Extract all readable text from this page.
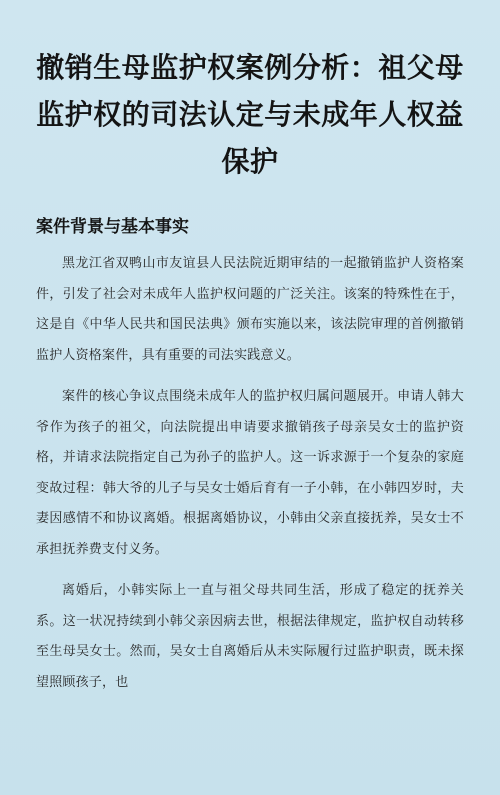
撤销生母监护权案例分析：祖父母监护权的司法认定与未成年人权益保护
案件背景与基本事实

黑龙江省双鸭山市友谊县人民法院近期审结的一起撤销监护人资格案件，引发了社会对未成年人监护权问题的广泛关注。该案的特殊性在于，这是自《中华人民共和国民法典》颁布实施以来，该法院审理的首例撤销监护人资格案件，具有重要的司法实践意义。

案件的核心争议点围绕未成年人的监护权归属问题展开。申请人韩大爷作为孩子的祖父，向法院提出申请要求撤销孩子母亲吴女士的监护资格，并请求法院指定自己为孙子的监护人。这一诉求源于一个复杂的家庭变故过程：韩大爷的儿子与吴女士婚后育有一子小韩，在小韩四岁时，夫妻因感情不和协议离婚。根据离婚协议，小韩由父亲直接抚养，吴女士不承担抚养费支付义务。

离婚后，小韩实际上一直与祖父母共同生活，形成了稳定的抚养关系。这一状况持续到小韩父亲因病去世，根据法律规定，监护权自动转移至生母吴女士。然而，吴女士自离婚后从未实际履行过监护职责，既未探望照顾孩子，也
